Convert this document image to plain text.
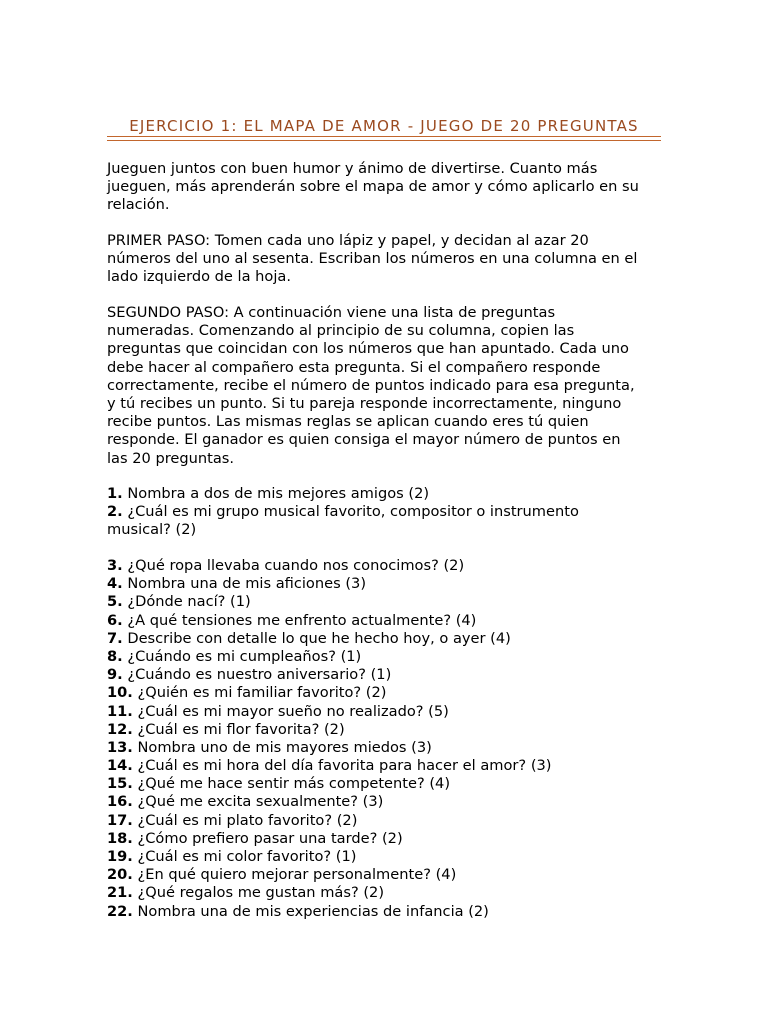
EJERCICIO 1: EL MAPA DE AMOR - JUEGO DE 20 PREGUNTAS
Jueguen juntos con buen humor y ánimo de divertirse. Cuanto más
jueguen, más aprenderán sobre el mapa de amor y cómo aplicarlo en su
relación.
PRIMER PASO: Tomen cada uno lápiz y papel, y decidan al azar 20
números del uno al sesenta. Escriban los números en una columna en el
lado izquierdo de la hoja.
SEGUNDO PASO: A continuación viene una lista de preguntas
numeradas. Comenzando al principio de su columna, copien las
preguntas que coincidan con los números que han apuntado. Cada uno
debe hacer al compañero esta pregunta. Si el compañero responde
correctamente, recibe el número de puntos indicado para esa pregunta,
y tú recibes un punto. Si tu pareja responde incorrectamente, ninguno
recibe puntos. Las mismas reglas se aplican cuando eres tú quien
responde. El ganador es quien consiga el mayor número de puntos en
las 20 preguntas.
1. Nombra a dos de mis mejores amigos (2)
2. ¿Cuál es mi grupo musical favorito, compositor o instrumento
musical? (2)
3. ¿Qué ropa llevaba cuando nos conocimos? (2)
4. Nombra una de mis aficiones (3)
5. ¿Dónde nací? (1)
6. ¿A qué tensiones me enfrento actualmente? (4)
7. Describe con detalle lo que he hecho hoy, o ayer (4)
8. ¿Cuándo es mi cumpleaños? (1)
9. ¿Cuándo es nuestro aniversario? (1)
10. ¿Quién es mi familiar favorito? (2)
11. ¿Cuál es mi mayor sueño no realizado? (5)
12. ¿Cuál es mi flor favorita? (2)
13. Nombra uno de mis mayores miedos (3)
14. ¿Cuál es mi hora del día favorita para hacer el amor? (3)
15. ¿Qué me hace sentir más competente? (4)
16. ¿Qué me excita sexualmente? (3)
17. ¿Cuál es mi plato favorito? (2)
18. ¿Cómo prefiero pasar una tarde? (2)
19. ¿Cuál es mi color favorito? (1)
20. ¿En qué quiero mejorar personalmente? (4)
21. ¿Qué regalos me gustan más? (2)
22. Nombra una de mis experiencias de infancia (2)
